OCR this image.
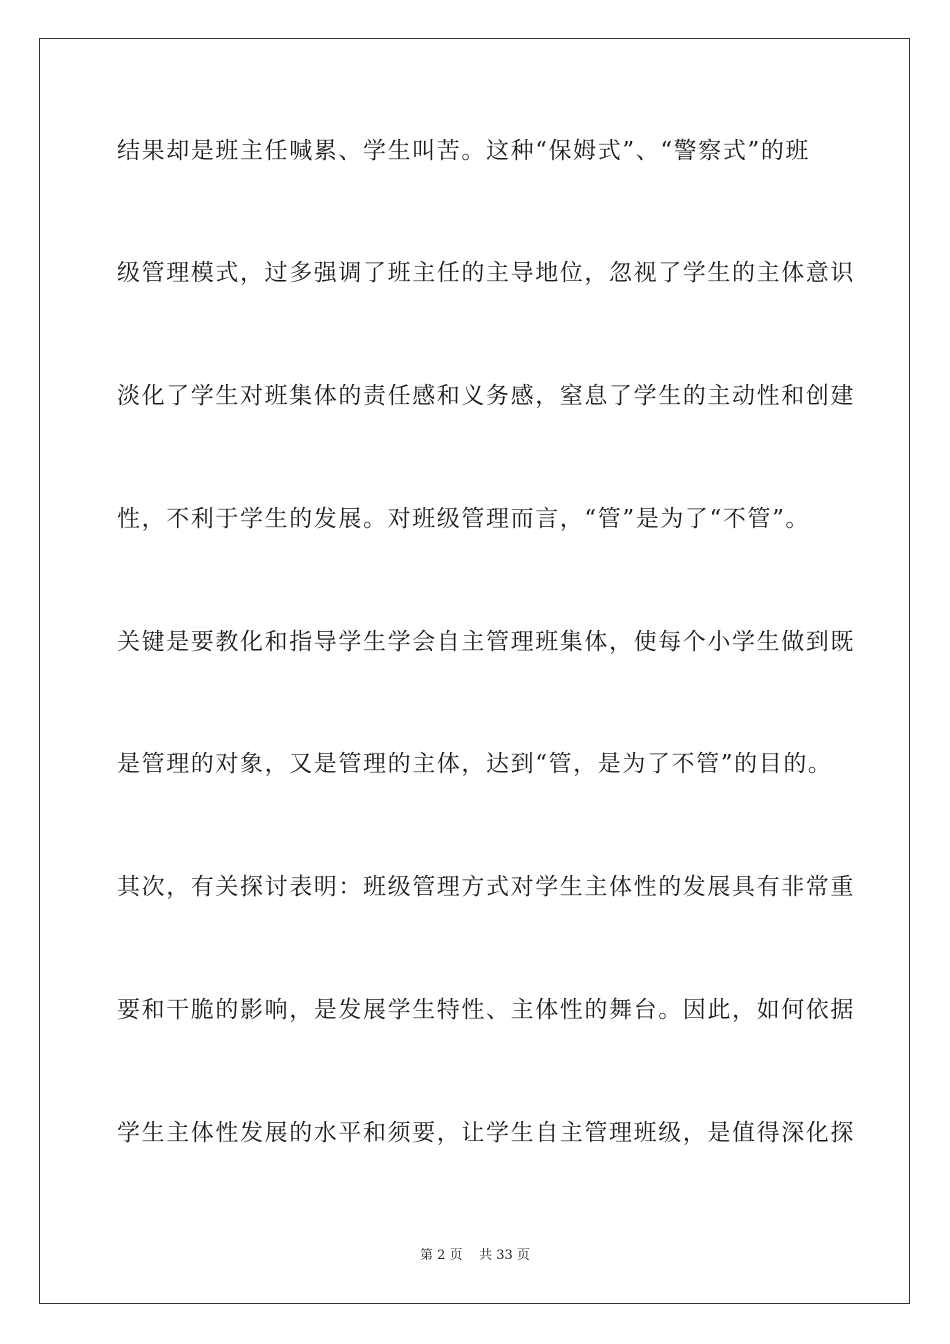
结果却是班主任喊累、学生叫苦。这种“保姆式”、“警察式”的班
级管理模式，过多强调了班主任的主导地位，忽视了学生的主体意识
淡化了学生对班集体的责任感和义务感，窒息了学生的主动性和创建
性，不利于学生的发展。对班级管理而言，“管”是为了“不管”。
关键是要教化和指导学生学会自主管理班集体，使每个小学生做到既
是管理的对象，又是管理的主体，达到“管，是为了不管”的目的。
其次，有关探讨表明：班级管理方式对学生主体性的发展具有非常重
要和干脆的影响，是发展学生特性、主体性的舞台。因此，如何依据
学生主体性发展的水平和须要，让学生自主管理班级，是值得深化探
第 2 页 共 33 页
